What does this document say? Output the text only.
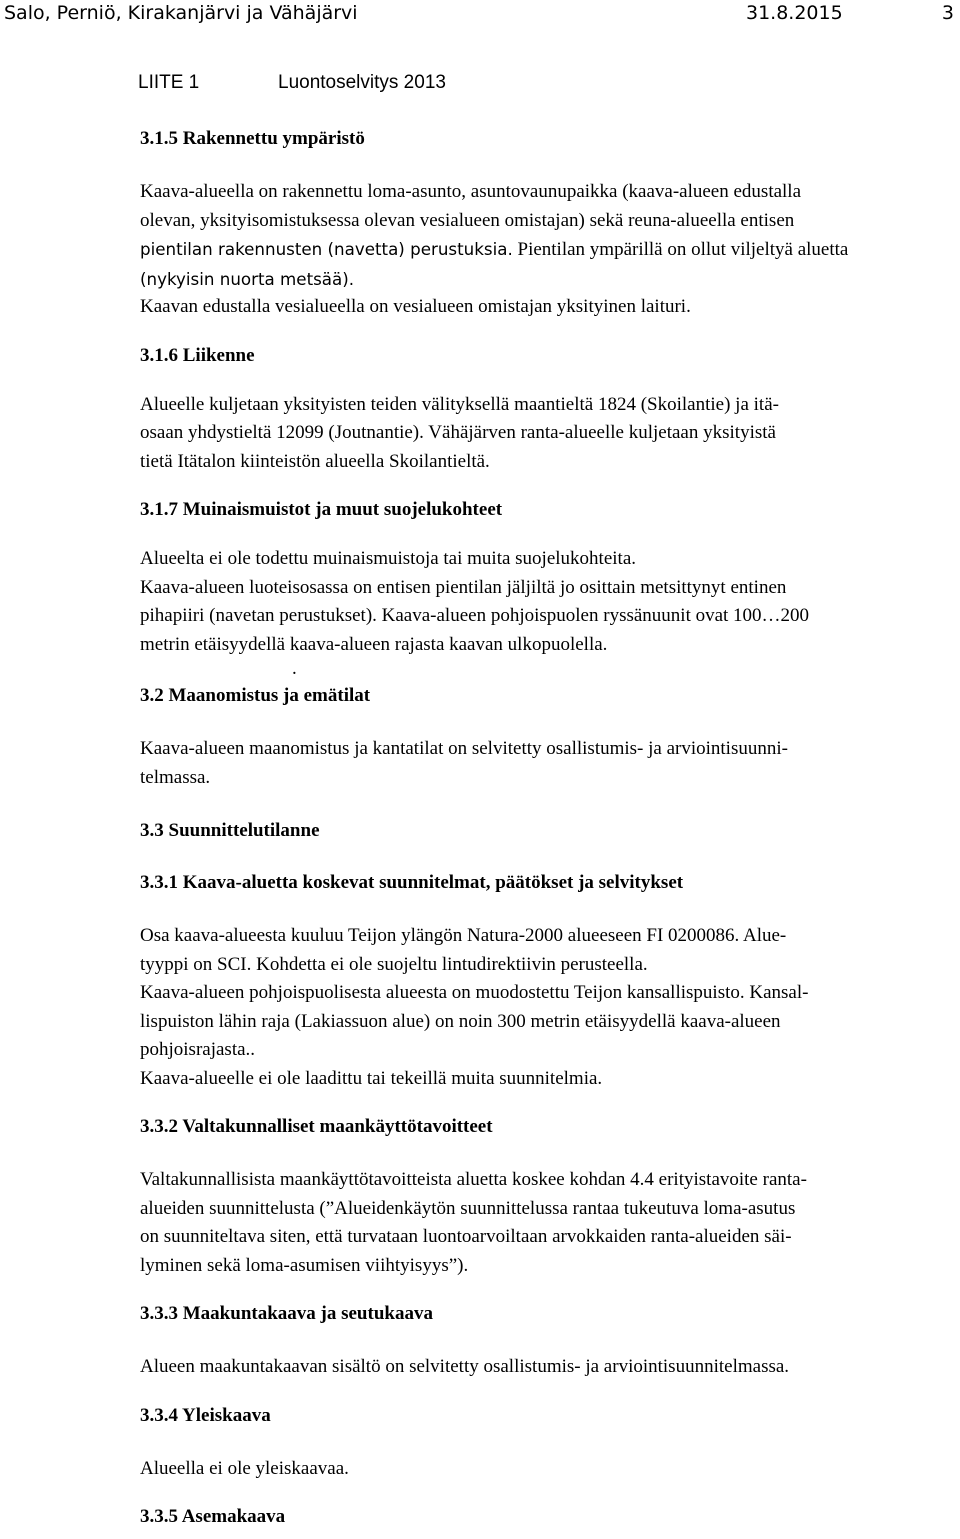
Salo, Perniö, Kirakanjärvi ja Vähäjärvi	31.8.2015	3
LIITE 1	Luontoselvitys 2013
3.1.5 Rakennettu ympäristö

Kaava-alueella on rakennettu loma-asunto, asuntovaunupaikka (kaava-alueen edustalla

olevan, yksityisomistuksessa olevan vesialueen omistajan) sekä reuna-alueella entisen

pientilan rakennusten (navetta) perustuksia. Pientilan ympärillä on ollut viljeltyä aluetta

(nykyisin nuorta metsää).

Kaavan edustalla vesialueella on vesialueen omistajan yksityinen laituri.

3.1.6 Liikenne

Alueelle kuljetaan yksityisten teiden välityksellä maantieltä 1824 (Skoilantie) ja itä-

osaan yhdystieltä 12099 (Joutnantie). Vähäjärven ranta-alueelle kuljetaan yksityistä

tietä Itätalon kiinteistön alueella Skoilantieltä.

3.1.7 Muinaismuistot ja muut suojelukohteet

Alueelta ei ole todettu muinaismuistoja tai muita suojelukohteita.

Kaava-alueen luoteisosassa on entisen pientilan jäljiltä jo osittain metsittynyt entinen

pihapiiri (navetan perustukset). Kaava-alueen pohjoispuolen ryssänuunit ovat 100…200

metrin etäisyydellä kaava-alueen rajasta kaavan ulkopuolella.

.
3.2 Maanomistus ja emätilat

Kaava-alueen maanomistus ja kantatilat on selvitetty osallistumis- ja arviointisuunni-

telmassa.

3.3 Suunnittelutilanne
3.3.1 Kaava-aluetta koskevat suunnitelmat, päätökset ja selvitykset

Osa kaava-alueesta kuuluu Teijon ylängön Natura-2000 alueeseen FI 0200086. Alue-

tyyppi on SCI. Kohdetta ei ole suojeltu lintudirektiivin perusteella.

Kaava-alueen pohjoispuolisesta alueesta on muodostettu Teijon kansallispuisto. Kansal-

lispuiston lähin raja (Lakiassuon alue) on noin 300 metrin etäisyydellä kaava-alueen

pohjoisrajasta..

Kaava-alueelle ei ole laadittu tai tekeillä muita suunnitelmia.

3.3.2 Valtakunnalliset maankäyttötavoitteet

Valtakunnallisista maankäyttötavoitteista aluetta koskee kohdan 4.4 erityistavoite ranta-

alueiden suunnittelusta (”Alueidenkäytön suunnittelussa rantaa tukeutuva loma-asutus

on suunniteltava siten, että turvataan luontoarvoiltaan arvokkaiden ranta-alueiden säi-

lyminen sekä loma-asumisen viihtyisyys”).

3.3.3 Maakuntakaava ja seutukaava

Alueen maakuntakaavan sisältö on selvitetty osallistumis- ja arviointisuunnitelmassa.

3.3.4 Yleiskaava

Alueella ei ole yleiskaavaa.

3.3.5 Asemakaava
